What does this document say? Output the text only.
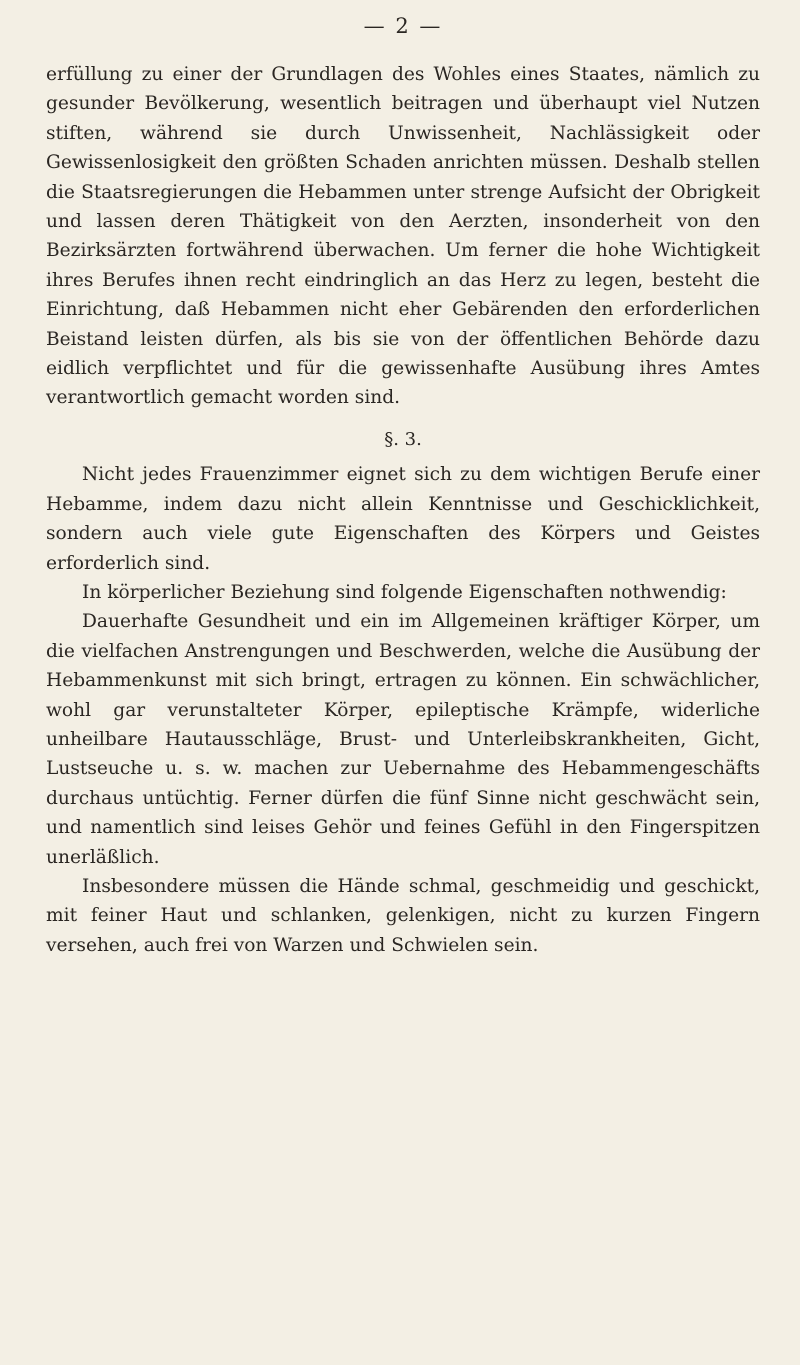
— 2 —

erfüllung zu einer der Grundlagen des Wohles eines Staates, nämlich zu gesunder Bevölkerung, wesentlich beitragen und überhaupt viel Nutzen stiften, während sie durch Unwissenheit, Nachlässigkeit oder Gewissenlosigkeit den größten Schaden anrichten müssen. Deshalb stellen die Staatsregierungen die Hebammen unter strenge Aufsicht der Obrigkeit und lassen deren Thätigkeit von den Aerzten, insonderheit von den Bezirksärzten fortwährend überwachen. Um ferner die hohe Wichtigkeit ihres Berufes ihnen recht eindringlich an das Herz zu legen, besteht die Einrichtung, daß Hebammen nicht eher Gebärenden den erforderlichen Beistand leisten dürfen, als bis sie von der öffentlichen Behörde dazu eidlich verpflichtet und für die gewissenhafte Ausübung ihres Amtes verantwortlich gemacht worden sind.

§. 3.

Nicht jedes Frauenzimmer eignet sich zu dem wichtigen Berufe einer Hebamme, indem dazu nicht allein Kenntnisse und Geschicklichkeit, sondern auch viele gute Eigenschaften des Körpers und Geistes erforderlich sind.

In körperlicher Beziehung sind folgende Eigenschaften nothwendig:

Dauerhafte Gesundheit und ein im Allgemeinen kräftiger Körper, um die vielfachen Anstrengungen und Beschwerden, welche die Ausübung der Hebammenkunst mit sich bringt, ertragen zu können. Ein schwächlicher, wohl gar verunstalteter Körper, epileptische Krämpfe, widerliche unheilbare Hautausschläge, Brust- und Unterleibskrankheiten, Gicht, Lustseuche u. s. w. machen zur Uebernahme des Hebammengeschäfts durchaus untüchtig. Ferner dürfen die fünf Sinne nicht geschwächt sein, und namentlich sind leises Gehör und feines Gefühl in den Fingerspitzen unerläßlich.

Insbesondere müssen die Hände schmal, geschmeidig und geschickt, mit feiner Haut und schlanken, gelenkigen, nicht zu kurzen Fingern versehen, auch frei von Warzen und Schwielen sein.
